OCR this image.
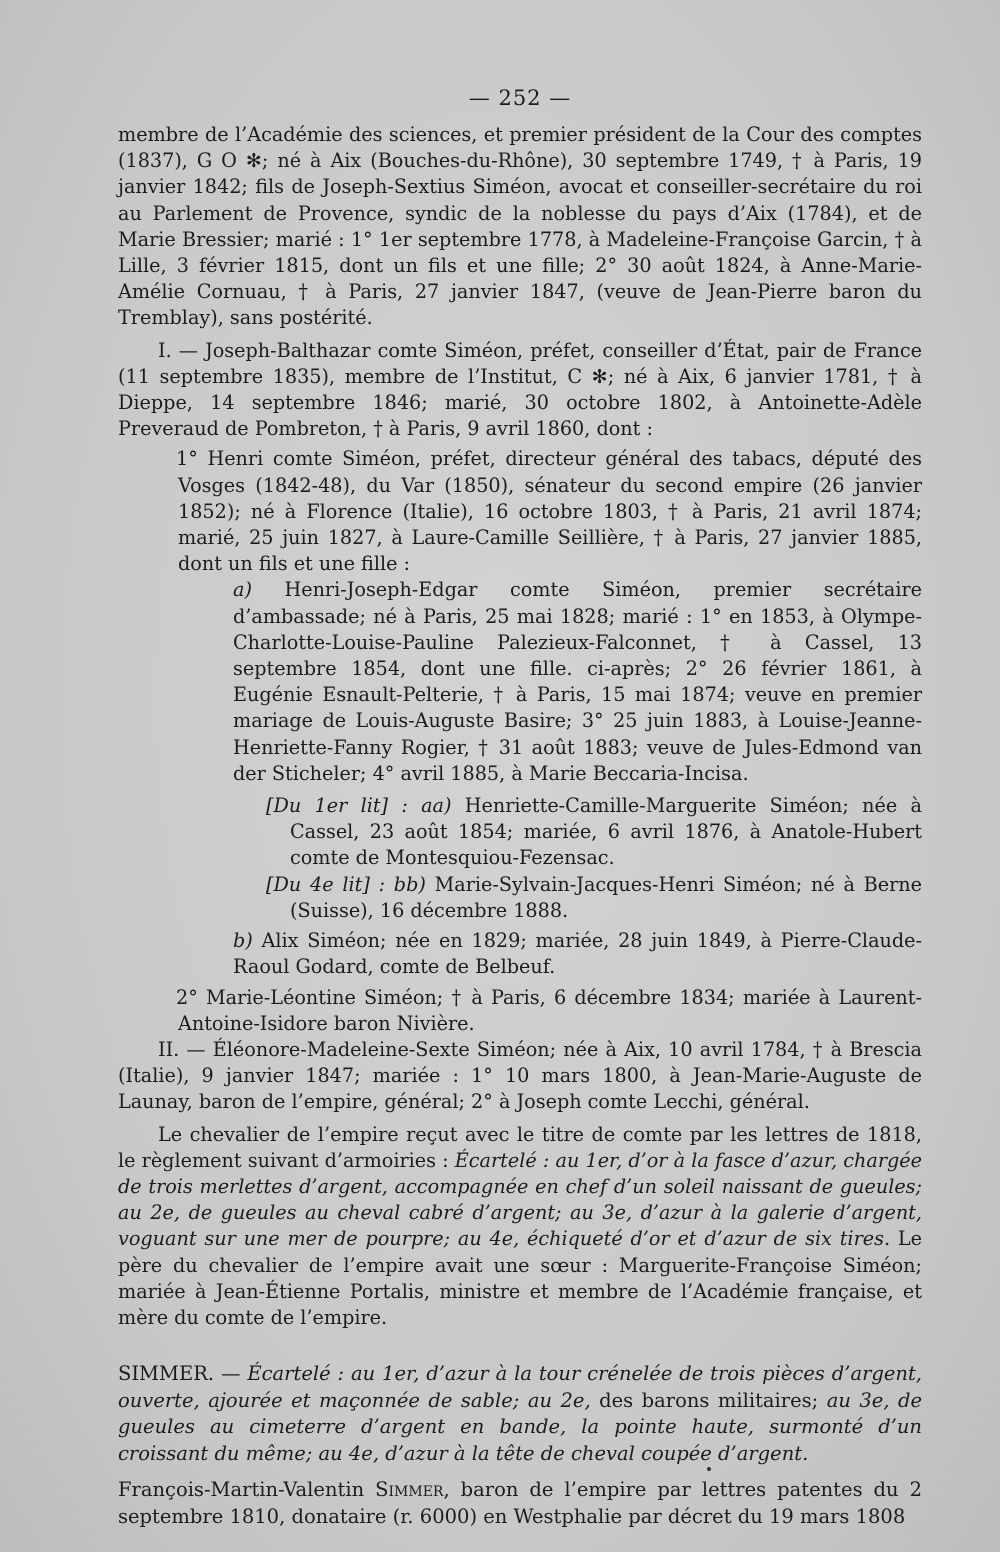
— 252 —

membre de l’Académie des sciences, et premier président de la Cour des comptes (1837), G O ✻; né à Aix (Bouches-du-Rhône), 30 septembre 1749, † à Paris, 19 janvier 1842; fils de Joseph-Sextius Siméon, avocat et conseiller-secrétaire du roi au Parlement de Provence, syndic de la noblesse du pays d’Aix (1784), et de Marie Bressier; marié : 1° 1er septembre 1778, à Madeleine-Françoise Garcin, † à Lille, 3 février 1815, dont un fils et une fille; 2° 30 août 1824, à Anne-Marie-Amélie Cornuau, † à Paris, 27 janvier 1847, (veuve de Jean-Pierre baron du Tremblay), sans postérité.

I. — Joseph-Balthazar comte Siméon, préfet, conseiller d’État, pair de France (11 septembre 1835), membre de l’Institut, C ✻; né à Aix, 6 janvier 1781, † à Dieppe, 14 septembre 1846; marié, 30 octobre 1802, à Antoinette-Adèle Preveraud de Pombreton, † à Paris, 9 avril 1860, dont :

1° Henri comte Siméon, préfet, directeur général des tabacs, député des Vosges (1842-48), du Var (1850), sénateur du second empire (26 janvier 1852); né à Florence (Italie), 16 octobre 1803, † à Paris, 21 avril 1874; marié, 25 juin 1827, à Laure-Camille Seillière, † à Paris, 27 janvier 1885, dont un fils et une fille :

a) Henri-Joseph-Edgar comte Siméon, premier secrétaire d’ambassade; né à Paris, 25 mai 1828; marié : 1° en 1853, à Olympe-Charlotte-Louise-Pauline Palezieux-Falconnet, † à Cassel, 13 septembre 1854, dont une fille. ci-après; 2° 26 février 1861, à Eugénie Esnault-Pelterie, † à Paris, 15 mai 1874; veuve en premier mariage de Louis-Auguste Basire; 3° 25 juin 1883, à Louise-Jeanne-Henriette-Fanny Rogier, † 31 août 1883; veuve de Jules-Edmond van der Sticheler; 4° avril 1885, à Marie Beccaria-Incisa.

[Du 1er lit] : aa) Henriette-Camille-Marguerite Siméon; née à Cassel, 23 août 1854; mariée, 6 avril 1876, à Anatole-Hubert comte de Montesquiou-Fezensac.

[Du 4e lit] : bb) Marie-Sylvain-Jacques-Henri Siméon; né à Berne (Suisse), 16 décembre 1888.

b) Alix Siméon; née en 1829; mariée, 28 juin 1849, à Pierre-Claude-Raoul Godard, comte de Belbeuf.

2° Marie-Léontine Siméon; † à Paris, 6 décembre 1834; mariée à Laurent-Antoine-Isidore baron Nivière.

II. — Éléonore-Madeleine-Sexte Siméon; née à Aix, 10 avril 1784, † à Brescia (Italie), 9 janvier 1847; mariée : 1° 10 mars 1800, à Jean-Marie-Auguste de Launay, baron de l’empire, général; 2° à Joseph comte Lecchi, général.

Le chevalier de l’empire reçut avec le titre de comte par les lettres de 1818, le règlement suivant d’armoiries : Écartelé : au 1er, d’or à la fasce d’azur, chargée de trois merlettes d’argent, accompagnée en chef d’un soleil naissant de gueules; au 2e, de gueules au cheval cabré d’argent; au 3e, d’azur à la galerie d’argent, voguant sur une mer de pourpre; au 4e, échiqueté d’or et d’azur de six tires. Le père du chevalier de l’empire avait une sœur : Marguerite-Françoise Siméon; mariée à Jean-Étienne Portalis, ministre et membre de l’Académie française, et mère du comte de l’empire.

SIMMER. — Écartelé : au 1er, d’azur à la tour crénelée de trois pièces d’argent, ouverte, ajourée et maçonnée de sable; au 2e, des barons militaires; au 3e, de gueules au cimeterre d’argent en bande, la pointe haute, surmonté d’un croissant du même; au 4e, d’azur à la tête de cheval coupée d’argent.

François-Martin-Valentin Simmer, baron de l’empire par lettres patentes du 2 septembre 1810, donataire (r. 6000) en Westphalie par décret du 19 mars 1808
